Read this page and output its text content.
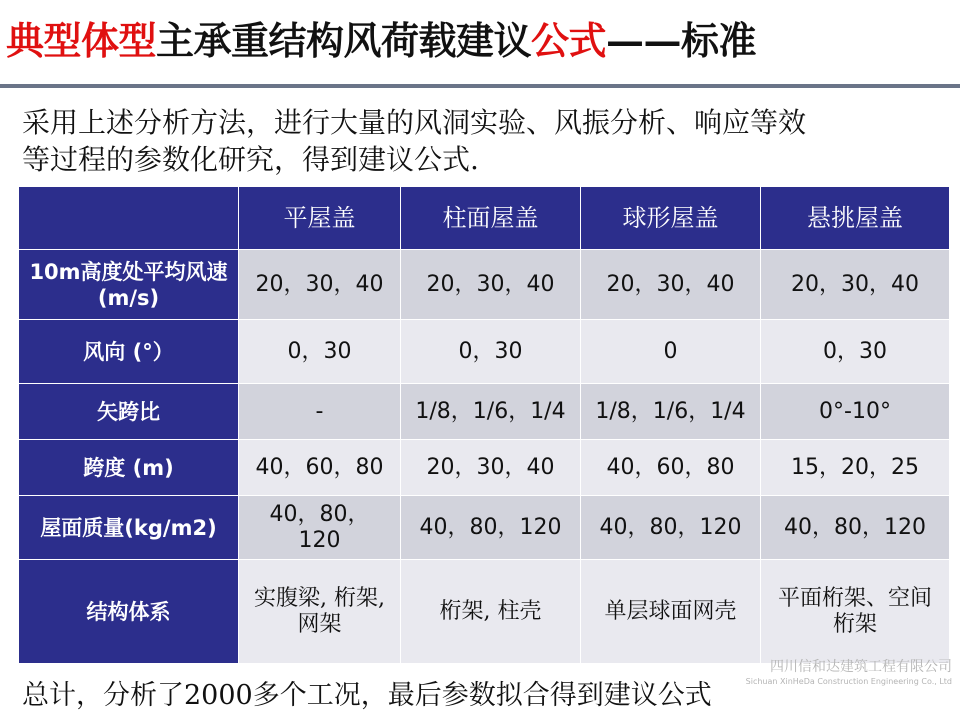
典型体型主承重结构风荷载建议公式——标准

采用上述分析方法，进行大量的风洞实验、风振分析、响应等效

等过程的参数化研究，得到建议公式.

	平屋盖	柱面屋盖	球形屋盖	悬挑屋盖
10m高度处平均风速 (m/s)	20，30，40	20，30，40	20，30，40	20，30，40
风向 (°）	0，30	0，30	0	0，30
矢跨比	-	1/8，1/6，1/4	1/8，1/6，1/4	0°-10°
跨度 (m)	40，60，80	20，30，40	40，60，80	15，20，25
屋面质量(kg/m2)	40，80，120	40，80，120	40，80，120	40，80，120
结构体系	实腹梁, 桁架, 网架	桁架, 柱壳	单层球面网壳	平面桁架、空间桁架
四川信和达建筑工程有限公司
Sichuan XinHeDa Construction Engineering Co., Ltd
总计，分析了2000多个工况，最后参数拟合得到建议公式
